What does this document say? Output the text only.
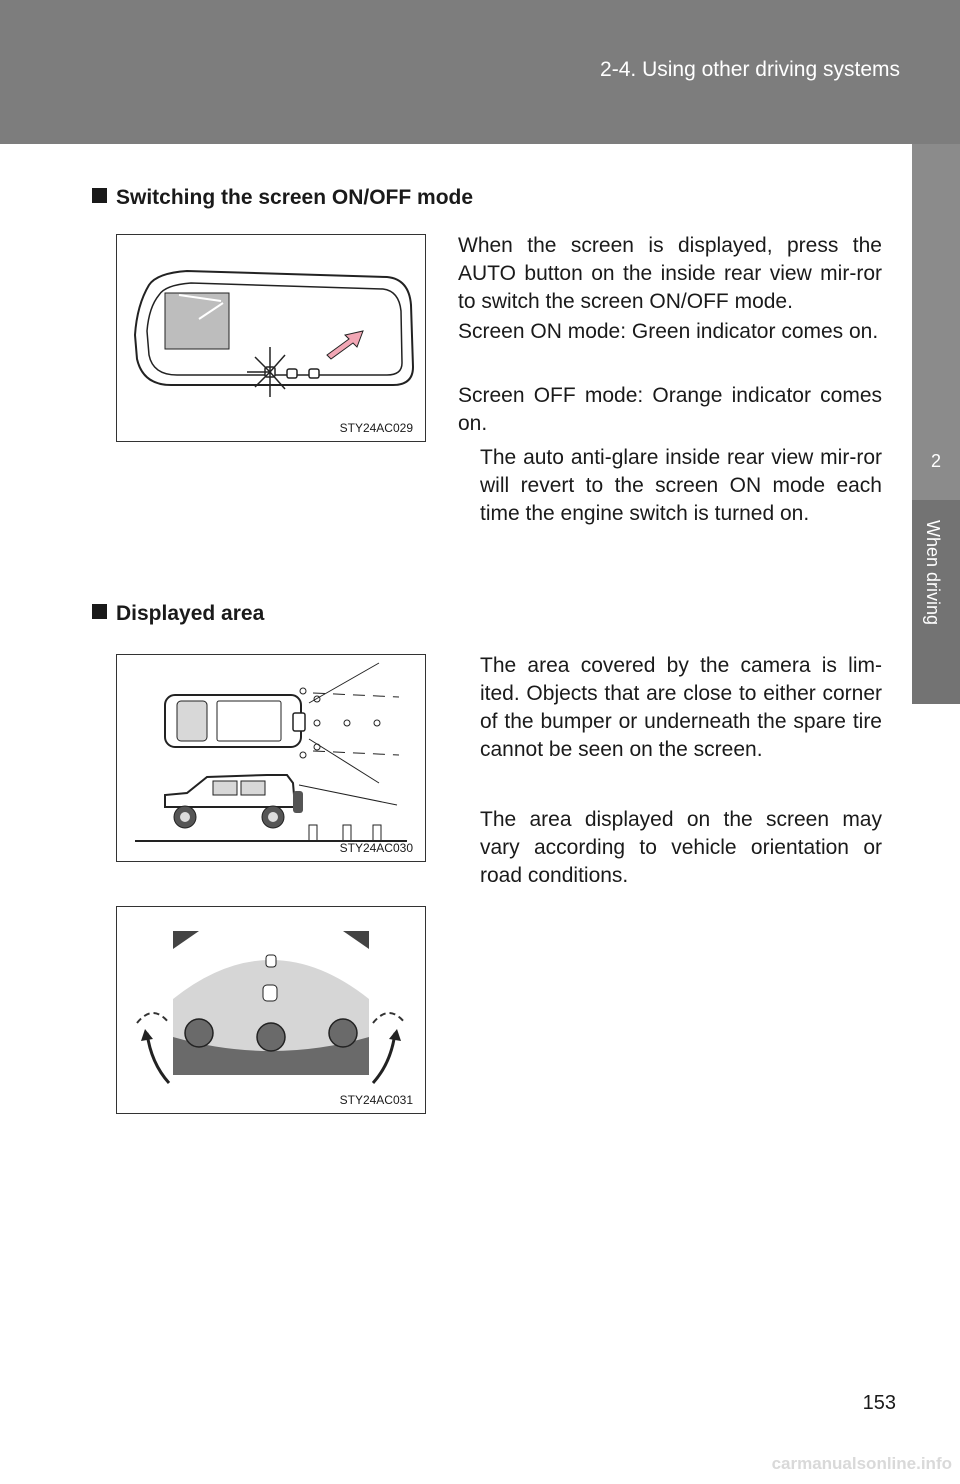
2-4. Using other driving systems
2
When driving
Switching the screen ON/OFF mode
STY24AC029

When the screen is displayed, press the AUTO button on the inside rear view mir-ror to switch the screen ON/OFF mode.

Screen ON mode: Green indicator comes on.

Screen OFF mode: Orange indicator comes on.

The auto anti-glare inside rear view mir-ror will revert to the screen ON mode each time the engine switch is turned on.

Displayed area
STY24AC030
STY24AC031

The area covered by the camera is lim-ited. Objects that are close to either corner of the bumper or underneath the spare tire cannot be seen on the screen.

The area displayed on the screen may vary according to vehicle orientation or road conditions.

153
carmanualsonline.info
